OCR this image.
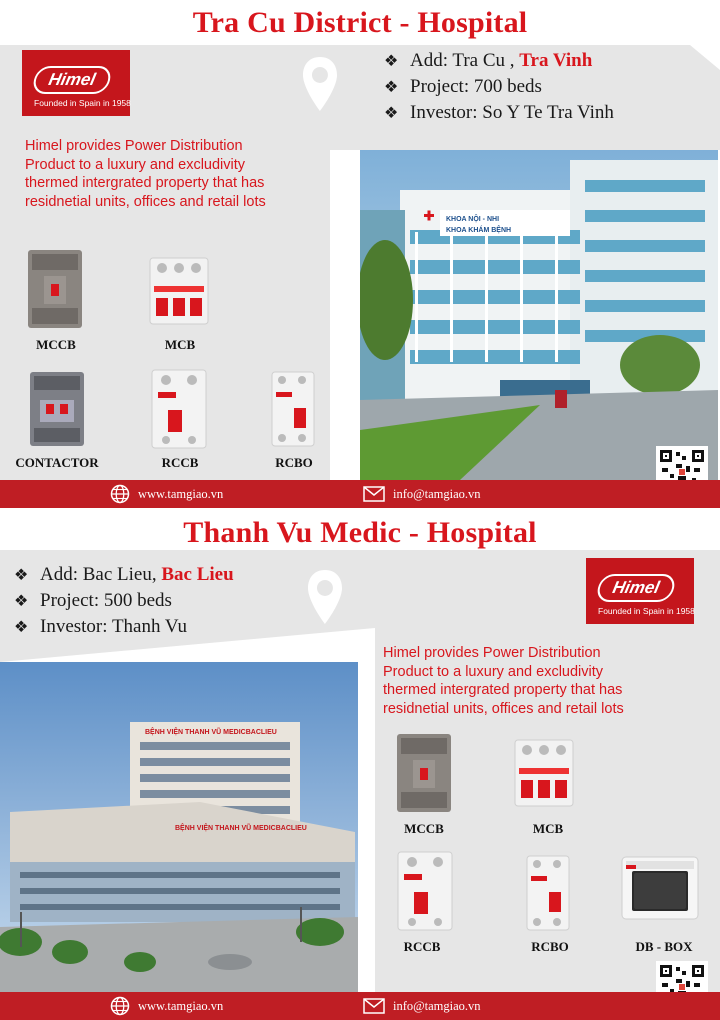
Tra Cu District - Hospital
❖ Add: Tra Cu , Tra Vinh
❖ Project: 700 beds
❖ Investor: So Y Te Tra Vinh
Himel
Founded in Spain in 1958
Himel provides Power Distribution
Product to a luxury and excludivity
thermed intergrated property that has
residnetial units, offices and retail lots
KHOA NỘI - NHI
KHOA KHÁM BỆNH
MCCB	MCB
CONTACTOR	RCCB	RCBO
www.tamgiao.vn	info@tamgiao.vn
Thanh Vu Medic - Hospital
❖ Add: Bac Lieu, Bac Lieu
❖ Project: 500 beds
❖ Investor: Thanh Vu
Himel
Founded in Spain in 1958
Himel provides Power Distribution
Product to a luxury and excludivity
thermed intergrated property that has
residnetial units, offices and retail lots
BỆNH VIỆN THANH VŨ MEDICBACLIEU
BỆNH VIỆN THANH VŨ MEDICBACLIEU	MCCB	MCB
RCCB	RCBO	DB - BOX
www.tamgiao.vn	info@tamgiao.vn
